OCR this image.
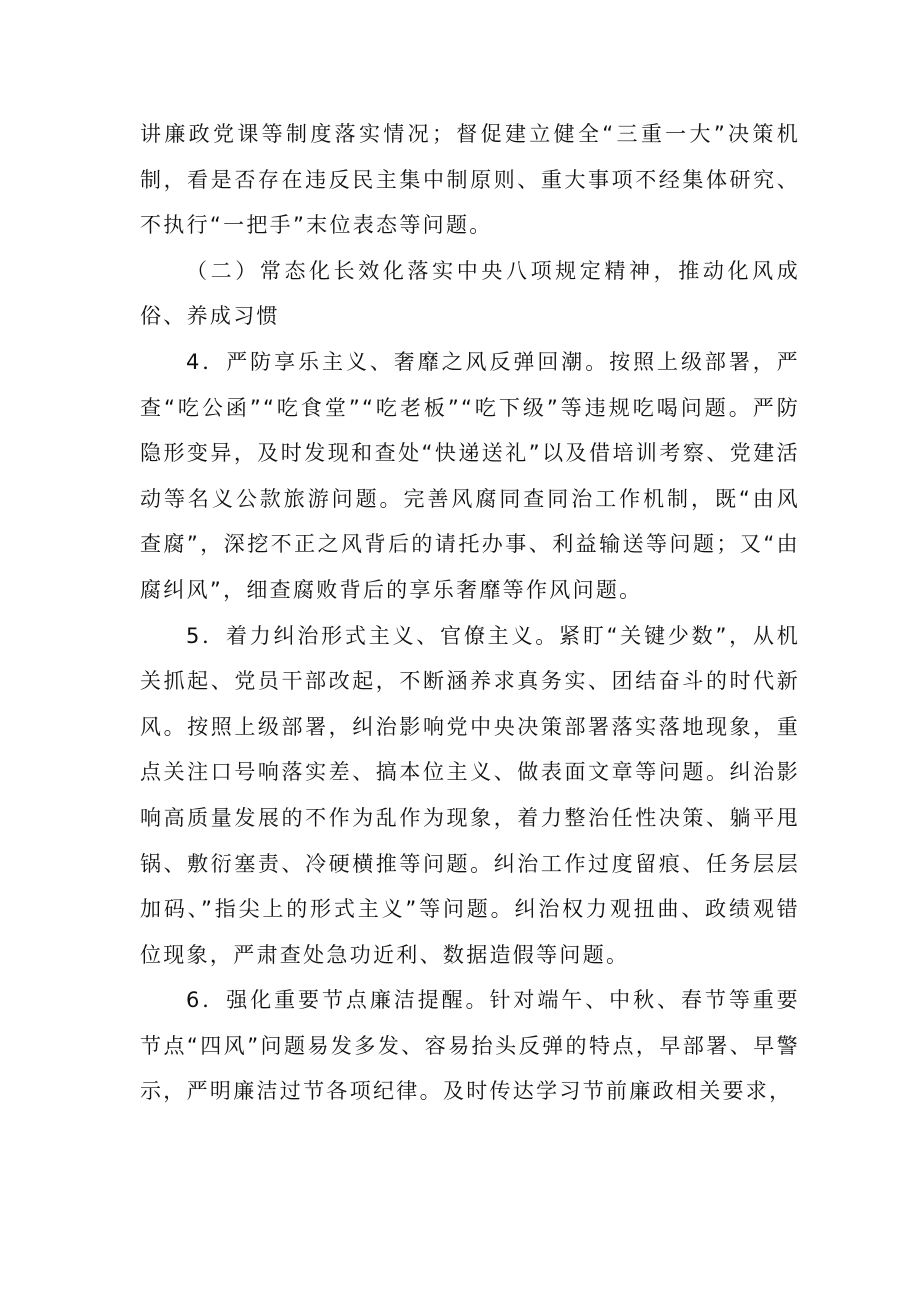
讲廉政党课等制度落实情况；督促建立健全“三重一大”决策机制，看是否存在违反民主集中制原则、重大事项不经集体研究、不执行“一把手”末位表态等问题。

（二）常态化长效化落实中央八项规定精神，推动化风成俗、养成习惯

4．严防享乐主义、奢靡之风反弹回潮。按照上级部署，严查“吃公函”“吃食堂”“吃老板”“吃下级”等违规吃喝问题。严防隐形变异，及时发现和查处“快递送礼”以及借培训考察、党建活动等名义公款旅游问题。完善风腐同查同治工作机制，既“由风查腐”，深挖不正之风背后的请托办事、利益输送等问题；又“由腐纠风”，细查腐败背后的享乐奢靡等作风问题。

5．着力纠治形式主义、官僚主义。紧盯“关键少数”，从机关抓起、党员干部改起，不断涵养求真务实、团结奋斗的时代新风。按照上级部署，纠治影响党中央决策部署落实落地现象，重点关注口号响落实差、搞本位主义、做表面文章等问题。纠治影响高质量发展的不作为乱作为现象，着力整治任性决策、躺平甩锅、敷衍塞责、冷硬横推等问题。纠治工作过度留痕、任务层层加码、”指尖上的形式主义”等问题。纠治权力观扭曲、政绩观错位现象，严肃查处急功近利、数据造假等问题。

6．强化重要节点廉洁提醒。针对端午、中秋、春节等重要节点“四风”问题易发多发、容易抬头反弹的特点，早部署、早警示，严明廉洁过节各项纪律。及时传达学习节前廉政相关要求，
